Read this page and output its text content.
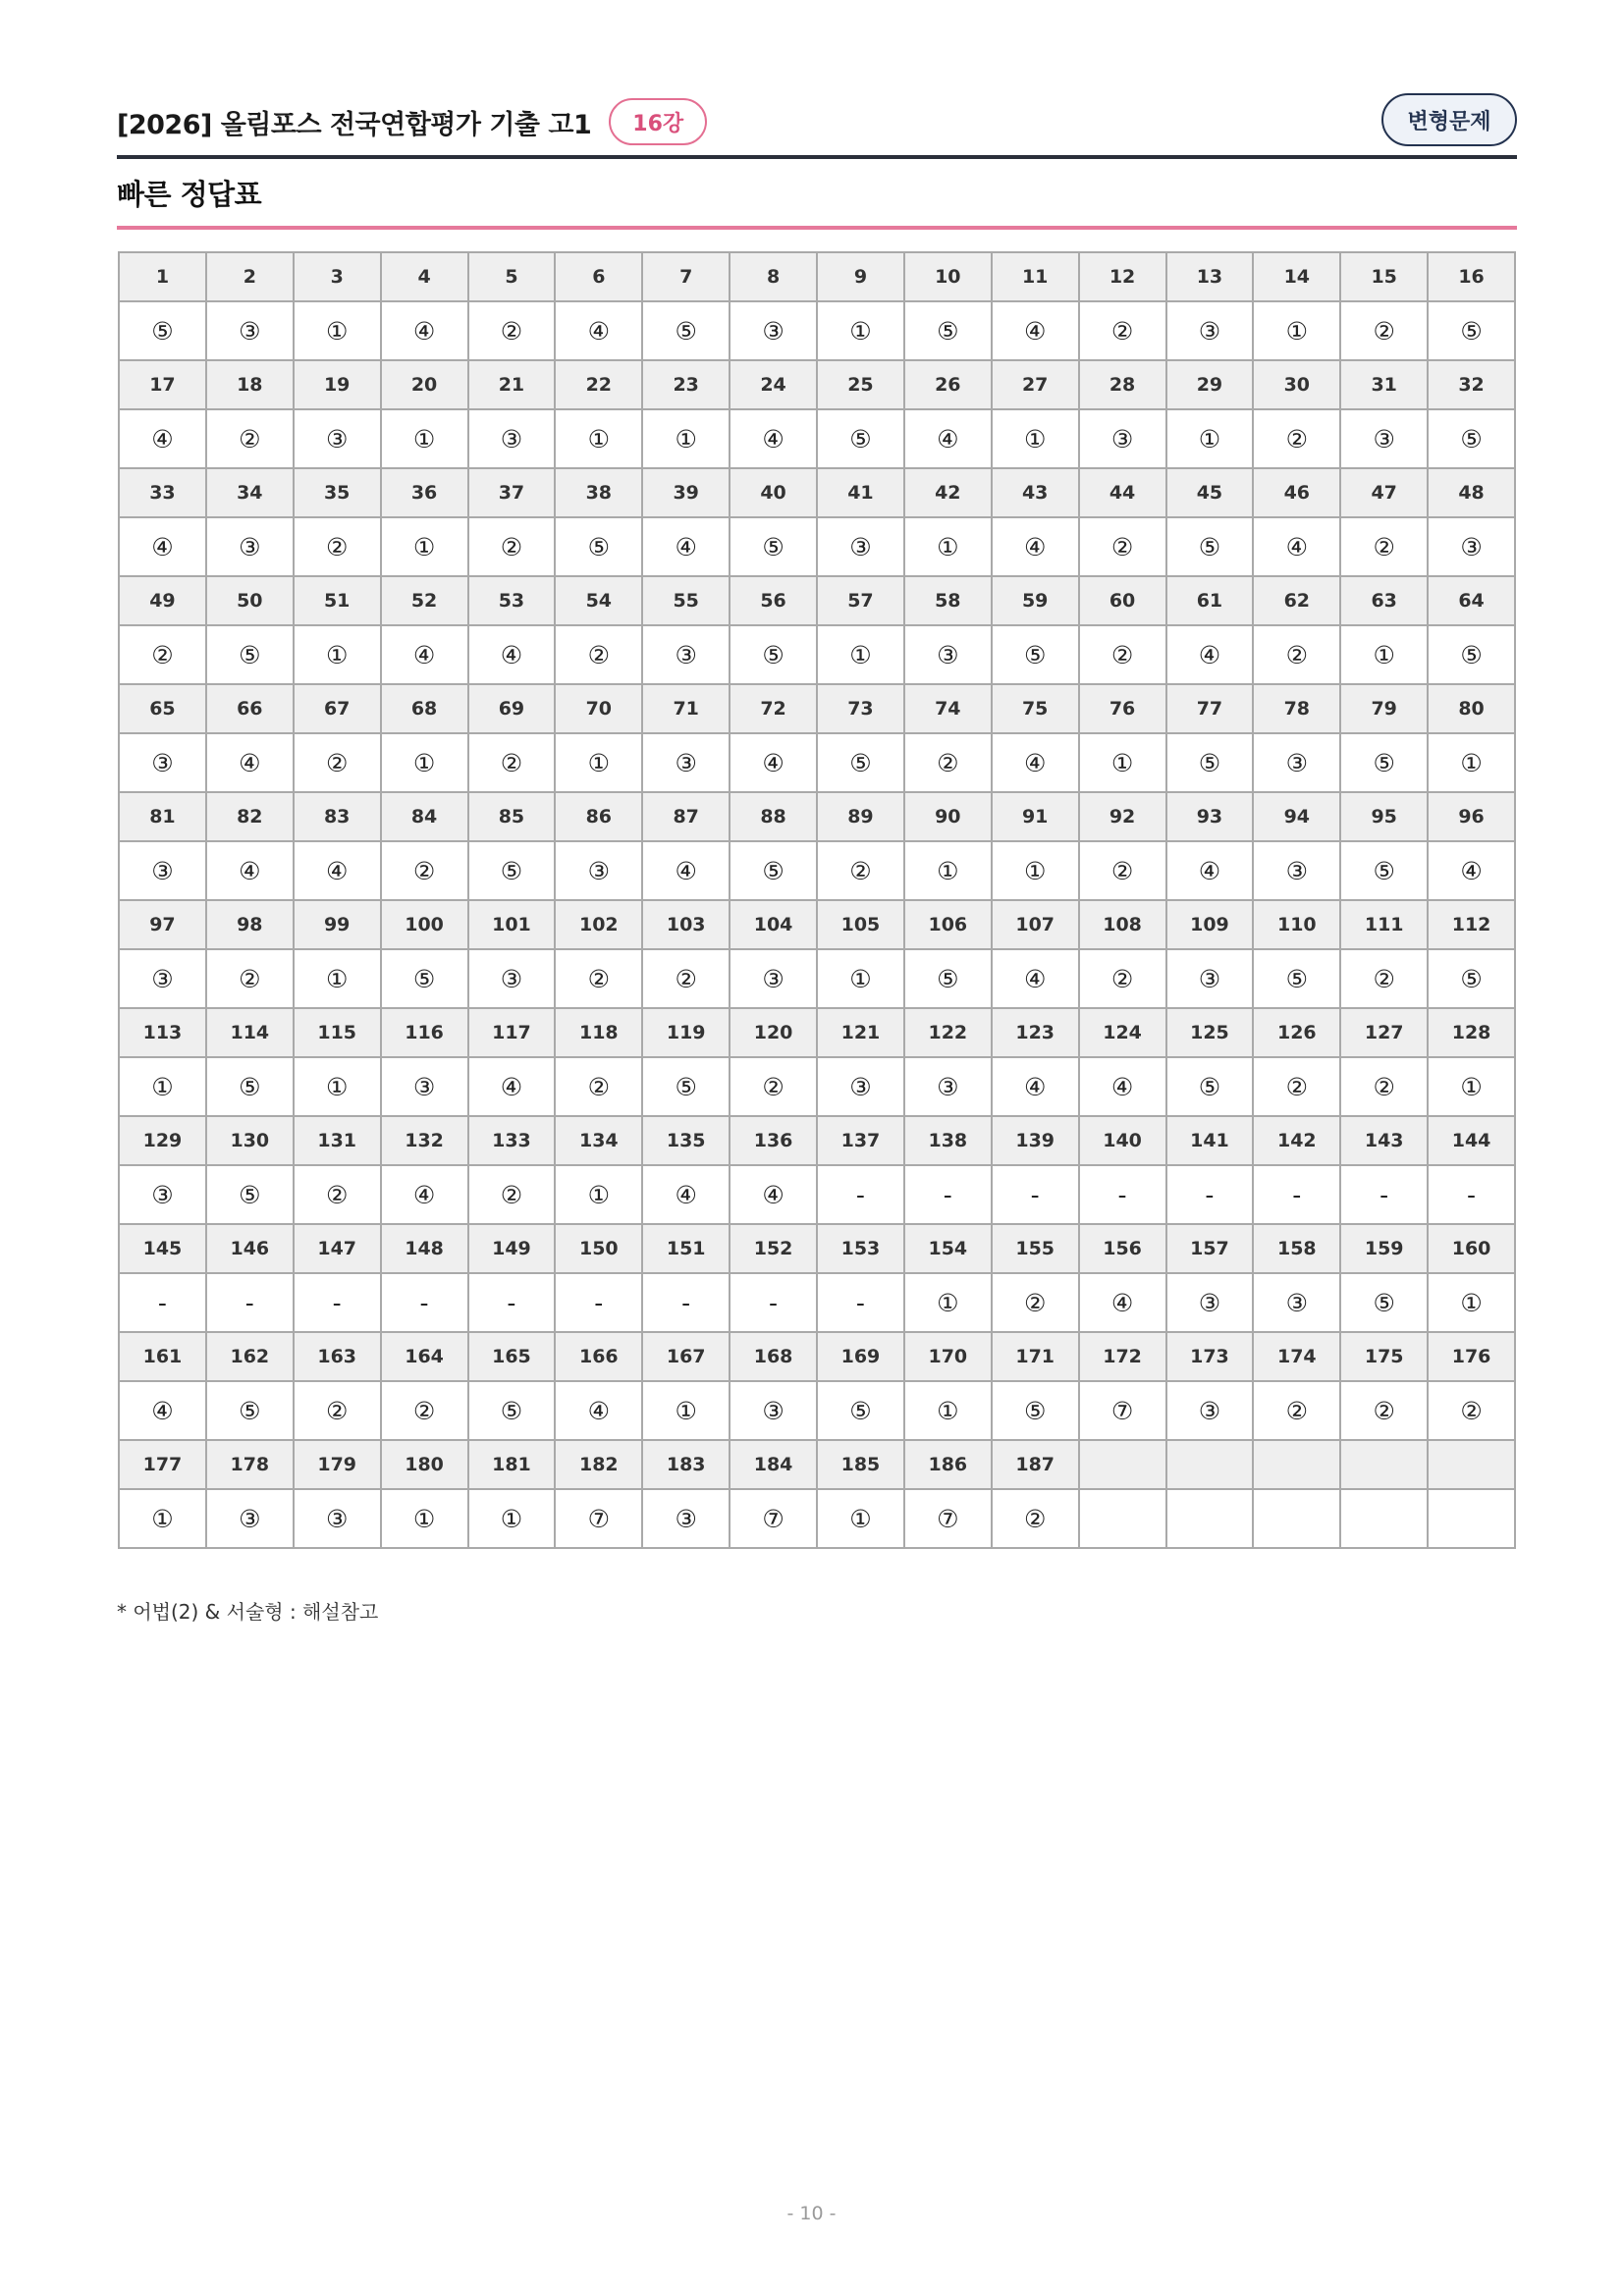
[2026] 올림포스 전국연합평가 기출 고1	16강	변형문제
빠른 정답표
1	2	3	4	5	6	7	8	9	10	11	12	13	14	15	16
⑤	③	①	④	②	④	⑤	③	①	⑤	④	②	③	①	②	⑤
17	18	19	20	21	22	23	24	25	26	27	28	29	30	31	32
④	②	③	①	③	①	①	④	⑤	④	①	③	①	②	③	⑤
33	34	35	36	37	38	39	40	41	42	43	44	45	46	47	48
④	③	②	①	②	⑤	④	⑤	③	①	④	②	⑤	④	②	③
49	50	51	52	53	54	55	56	57	58	59	60	61	62	63	64
②	⑤	①	④	④	②	③	⑤	①	③	⑤	②	④	②	①	⑤
65	66	67	68	69	70	71	72	73	74	75	76	77	78	79	80
③	④	②	①	②	①	③	④	⑤	②	④	①	⑤	③	⑤	①
81	82	83	84	85	86	87	88	89	90	91	92	93	94	95	96
③	④	④	②	⑤	③	④	⑤	②	①	①	②	④	③	⑤	④
97	98	99	100	101	102	103	104	105	106	107	108	109	110	111	112
③	②	①	⑤	③	②	②	③	①	⑤	④	②	③	⑤	②	⑤
113	114	115	116	117	118	119	120	121	122	123	124	125	126	127	128
①	⑤	①	③	④	②	⑤	②	③	③	④	④	⑤	②	②	①
129	130	131	132	133	134	135	136	137	138	139	140	141	142	143	144
③	⑤	②	④	②	①	④	④	-	-	-	-	-	-	-	-
145	146	147	148	149	150	151	152	153	154	155	156	157	158	159	160
-	-	-	-	-	-	-	-	-	①	②	④	③	③	⑤	①
161	162	163	164	165	166	167	168	169	170	171	172	173	174	175	176
④	⑤	②	②	⑤	④	①	③	⑤	①	⑤	⑦	③	②	②	②
177	178	179	180	181	182	183	184	185	186	187					
①	③	③	①	①	⑦	③	⑦	①	⑦	②					
* 어법(2) & 서술형 : 해설참고
- 10 -
